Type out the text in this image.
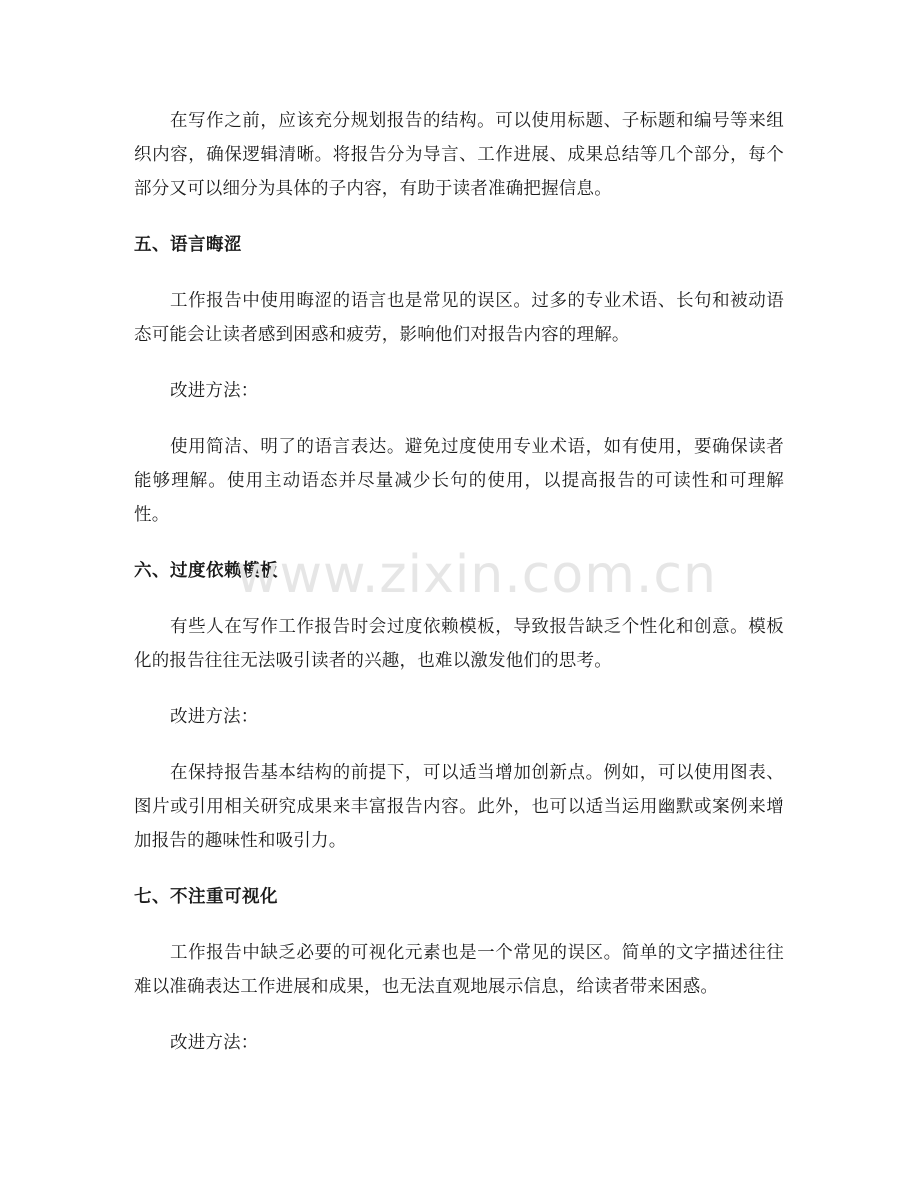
在写作之前，应该充分规划报告的结构。可以使用标题、子标题和编号等来组织内容，确保逻辑清晰。将报告分为导言、工作进展、成果总结等几个部分，每个部分又可以细分为具体的子内容，有助于读者准确把握信息。

五、语言晦涩

工作报告中使用晦涩的语言也是常见的误区。过多的专业术语、长句和被动语态可能会让读者感到困惑和疲劳，影响他们对报告内容的理解。

改进方法：

使用简洁、明了的语言表达。避免过度使用专业术语，如有使用，要确保读者能够理解。使用主动语态并尽量减少长句的使用，以提高报告的可读性和可理解性。

六、过度依赖模板

有些人在写作工作报告时会过度依赖模板，导致报告缺乏个性化和创意。模板化的报告往往无法吸引读者的兴趣，也难以激发他们的思考。

改进方法：

在保持报告基本结构的前提下，可以适当增加创新点。例如，可以使用图表、图片或引用相关研究成果来丰富报告内容。此外，也可以适当运用幽默或案例来增加报告的趣味性和吸引力。

七、不注重可视化

工作报告中缺乏必要的可视化元素也是一个常见的误区。简单的文字描述往往难以准确表达工作进展和成果，也无法直观地展示信息，给读者带来困惑。

改进方法：

www.zixin.com.cn
